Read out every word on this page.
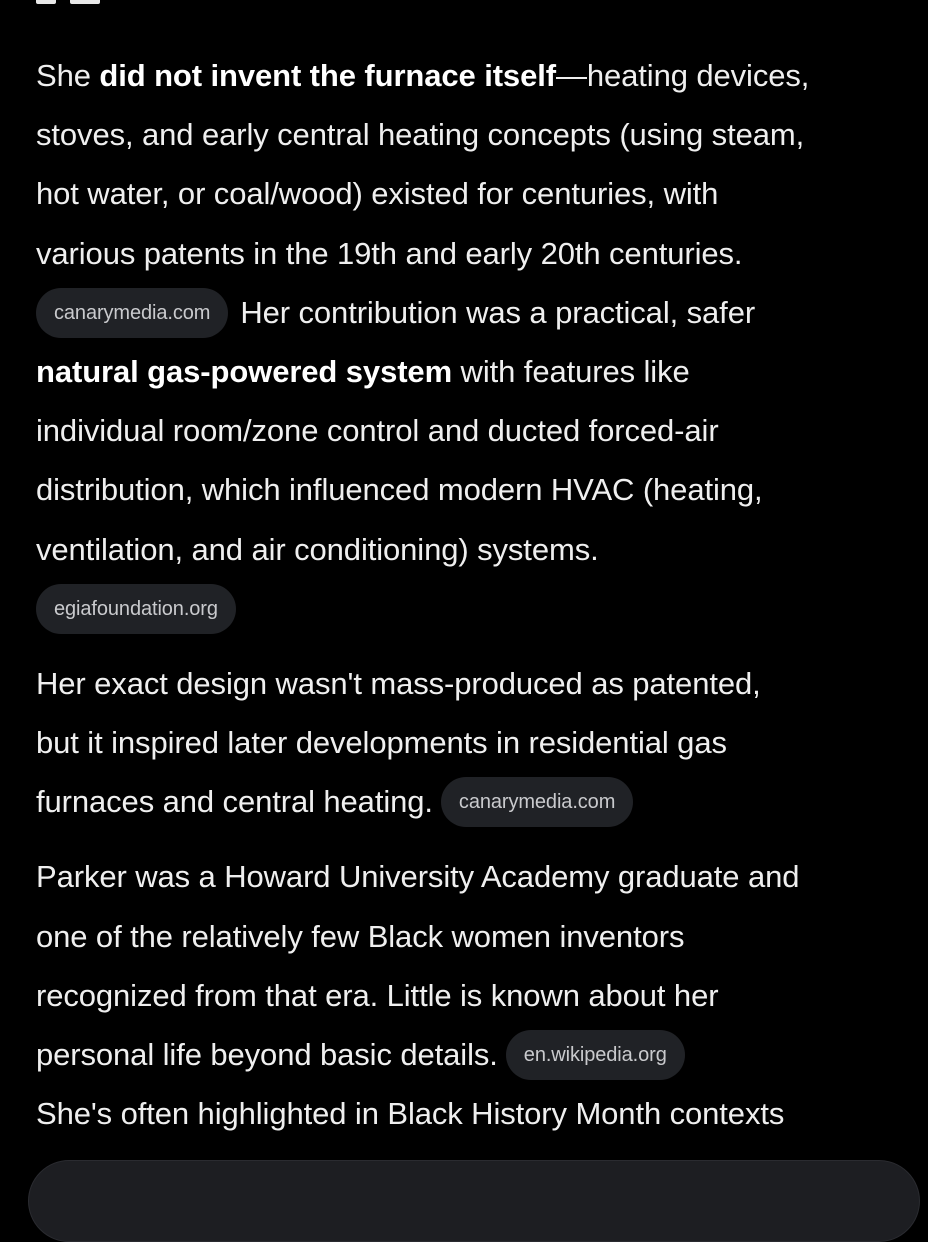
She did not invent the furnace itself—heating devices,
stoves, and early central heating concepts (using steam,
hot water, or coal/wood) existed for centuries, with
various patents in the 19th and early 20th centuries.
canarymedia.com Her contribution was a practical, safer
natural gas-powered system with features like
individual room/zone control and ducted forced-air
distribution, which influenced modern HVAC (heating,
ventilation, and air conditioning) systems.
egiafoundation.org
Her exact design wasn't mass-produced as patented,
but it inspired later developments in residential gas
furnaces and central heating. canarymedia.com
Parker was a Howard University Academy graduate and
one of the relatively few Black women inventors
recognized from that era. Little is known about her
personal life beyond basic details. en.wikipedia.org
She's often highlighted in Black History Month contexts
